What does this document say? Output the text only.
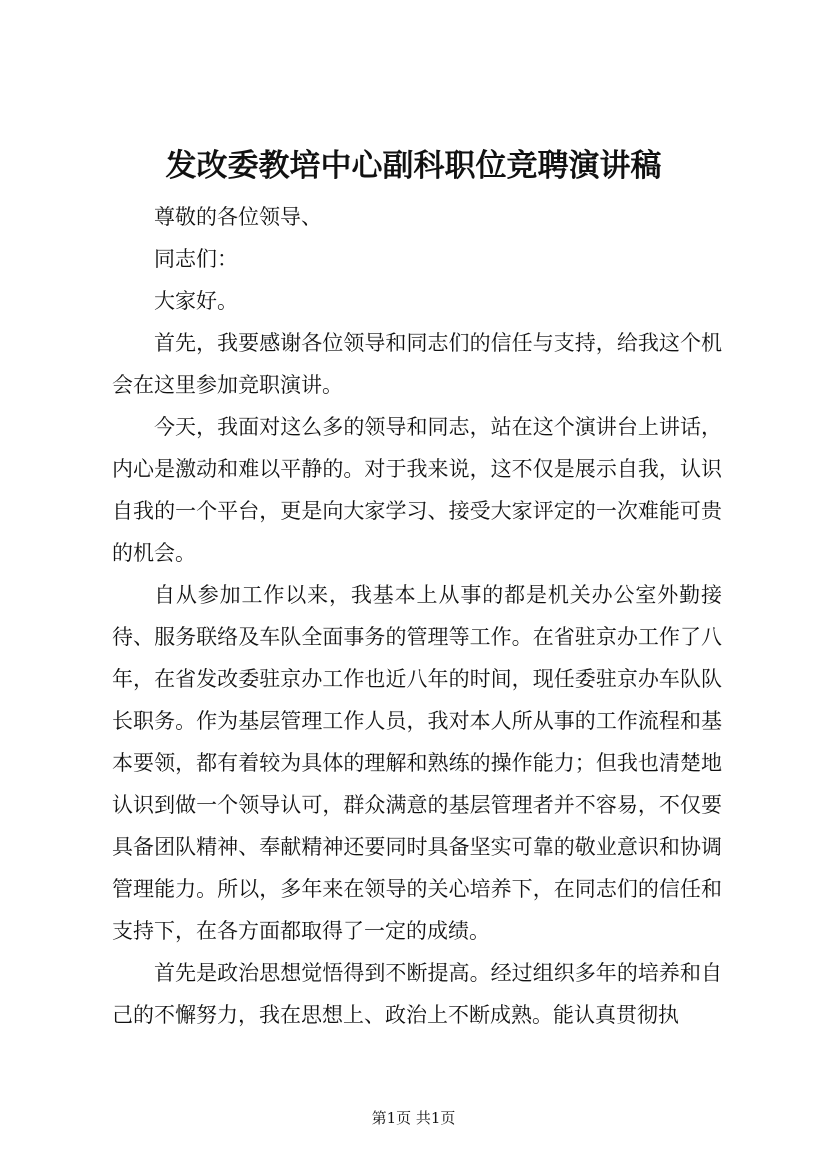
发改委教培中心副科职位竞聘演讲稿

尊敬的各位领导、

同志们：

大家好。

首先，我要感谢各位领导和同志们的信任与支持，给我这个机会在这里参加竞职演讲。

今天，我面对这么多的领导和同志，站在这个演讲台上讲话，内心是激动和难以平静的。对于我来说，这不仅是展示自我，认识自我的一个平台，更是向大家学习、接受大家评定的一次难能可贵的机会。

自从参加工作以来，我基本上从事的都是机关办公室外勤接待、服务联络及车队全面事务的管理等工作。在省驻京办工作了八年，在省发改委驻京办工作也近八年的时间，现任委驻京办车队队长职务。作为基层管理工作人员，我对本人所从事的工作流程和基本要领，都有着较为具体的理解和熟练的操作能力；但我也清楚地认识到做一个领导认可，群众满意的基层管理者并不容易，不仅要具备团队精神、奉献精神还要同时具备坚实可靠的敬业意识和协调管理能力。所以，多年来在领导的关心培养下，在同志们的信任和支持下，在各方面都取得了一定的成绩。

首先是政治思想觉悟得到不断提高。经过组织多年的培养和自己的不懈努力，我在思想上、政治上不断成熟。能认真贯彻执

第1页 共1页
